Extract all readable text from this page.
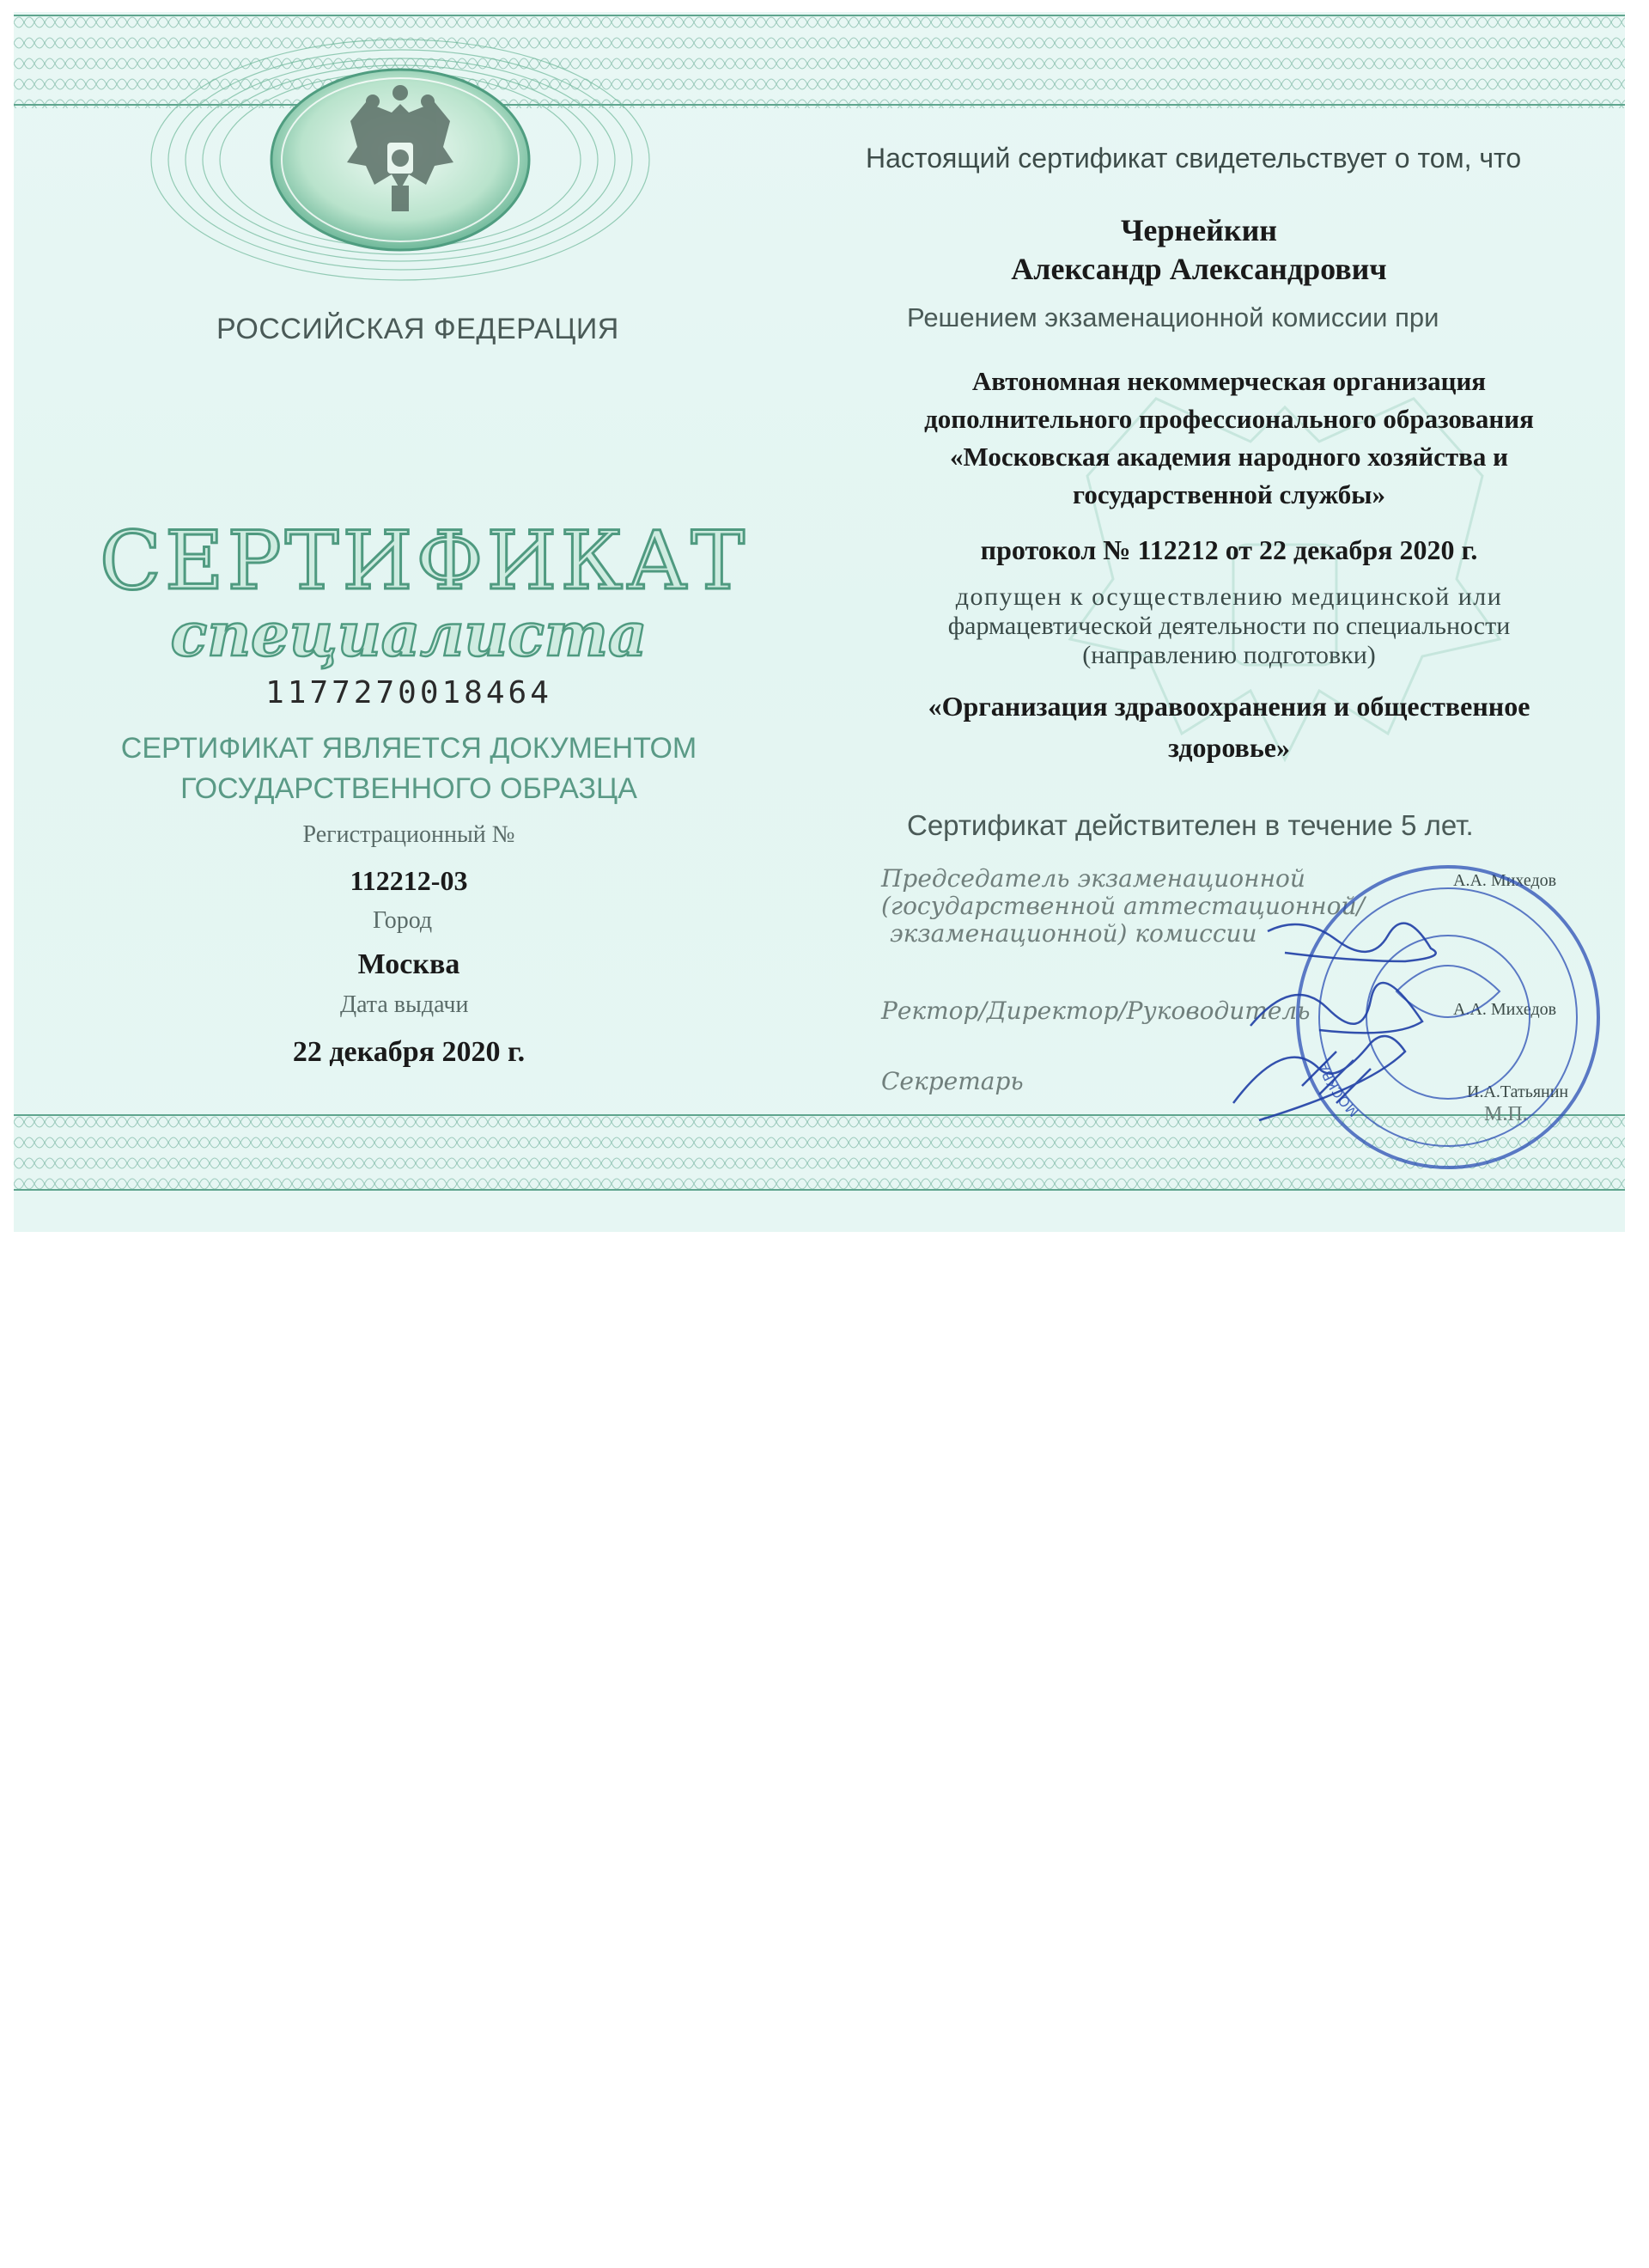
РОССИЙСКАЯ ФЕДЕРАЦИЯ

СЕРТИФИКАТ

специалиста

1177270018464

СЕРТИФИКАТ ЯВЛЯЕТСЯ ДОКУМЕНТОМ

ГОСУДАРСТВЕННОГО ОБРАЗЦА

Регистрационный №

112212-03

Город

Москва

Дата выдачи

22 декабря 2020 г.

Настоящий сертификат свидетельствует о том, что

Чернейкин

Александр Александрович

Решением экзаменационной комиссии при

Автономная некоммерческая организация

дополнительного профессионального образования

«Московская академия народного хозяйства и

государственной службы»

протокол № 112212 от 22 декабря 2020 г.

допущен к осуществлению медицинской или

фармацевтической деятельности по специальности

(направлению подготовки)

«Организация здравоохранения и общественное

здоровье»

Сертификат действителен в течение 5 лет.

Председатель экзаменационной

(государственной аттестационной/

экзаменационной) комиссии

А.А. Михедов

Ректор/Директор/Руководитель	А.А. Михедов

Секретарь	И.А.Татьянин

М.П.

МОСКВА
